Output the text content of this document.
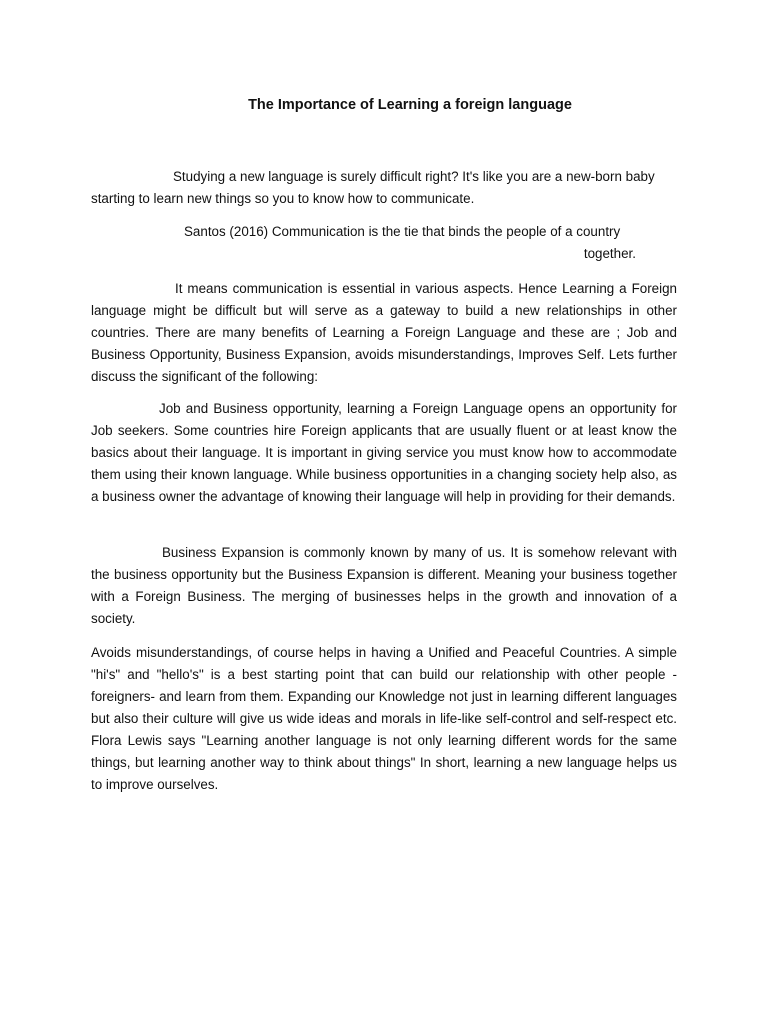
The Importance of Learning a foreign language

Studying a new language is surely difficult right? It's like you are a new-born baby starting to learn new things so you to know how to communicate.

Santos (2016) Communication is the tie that binds the people of a country
together.

It means communication is essential in various aspects. Hence Learning a Foreign language might be difficult but will serve as a gateway to build a new relationships in other countries. There are many benefits of Learning a Foreign Language and these are ; Job and Business Opportunity, Business Expansion, avoids misunderstandings, Improves Self. Lets further discuss the significant of the following:

Job and Business opportunity, learning a Foreign Language opens an opportunity for Job seekers. Some countries hire Foreign applicants that are usually fluent or at least know the basics about their language. It is important in giving service you must know how to accommodate them using their known language. While business opportunities in a changing society help also, as a business owner the advantage of knowing their language will help in providing for their demands.

Business Expansion is commonly known by many of us. It is somehow relevant with the business opportunity but the Business Expansion is different. Meaning your business together with a Foreign Business. The merging of businesses helps in the growth and innovation of a society.

Avoids misunderstandings, of course helps in having a Unified and Peaceful Countries. A simple "hi's" and "hello's" is a best starting point that can build our relationship with other people -foreigners- and learn from them. Expanding our Knowledge not just in learning different languages but also their culture will give us wide ideas and morals in life-like self-control and self-respect etc. Flora Lewis says "Learning another language is not only learning different words for the same things, but learning another way to think about things" In short, learning a new language helps us to improve ourselves.
